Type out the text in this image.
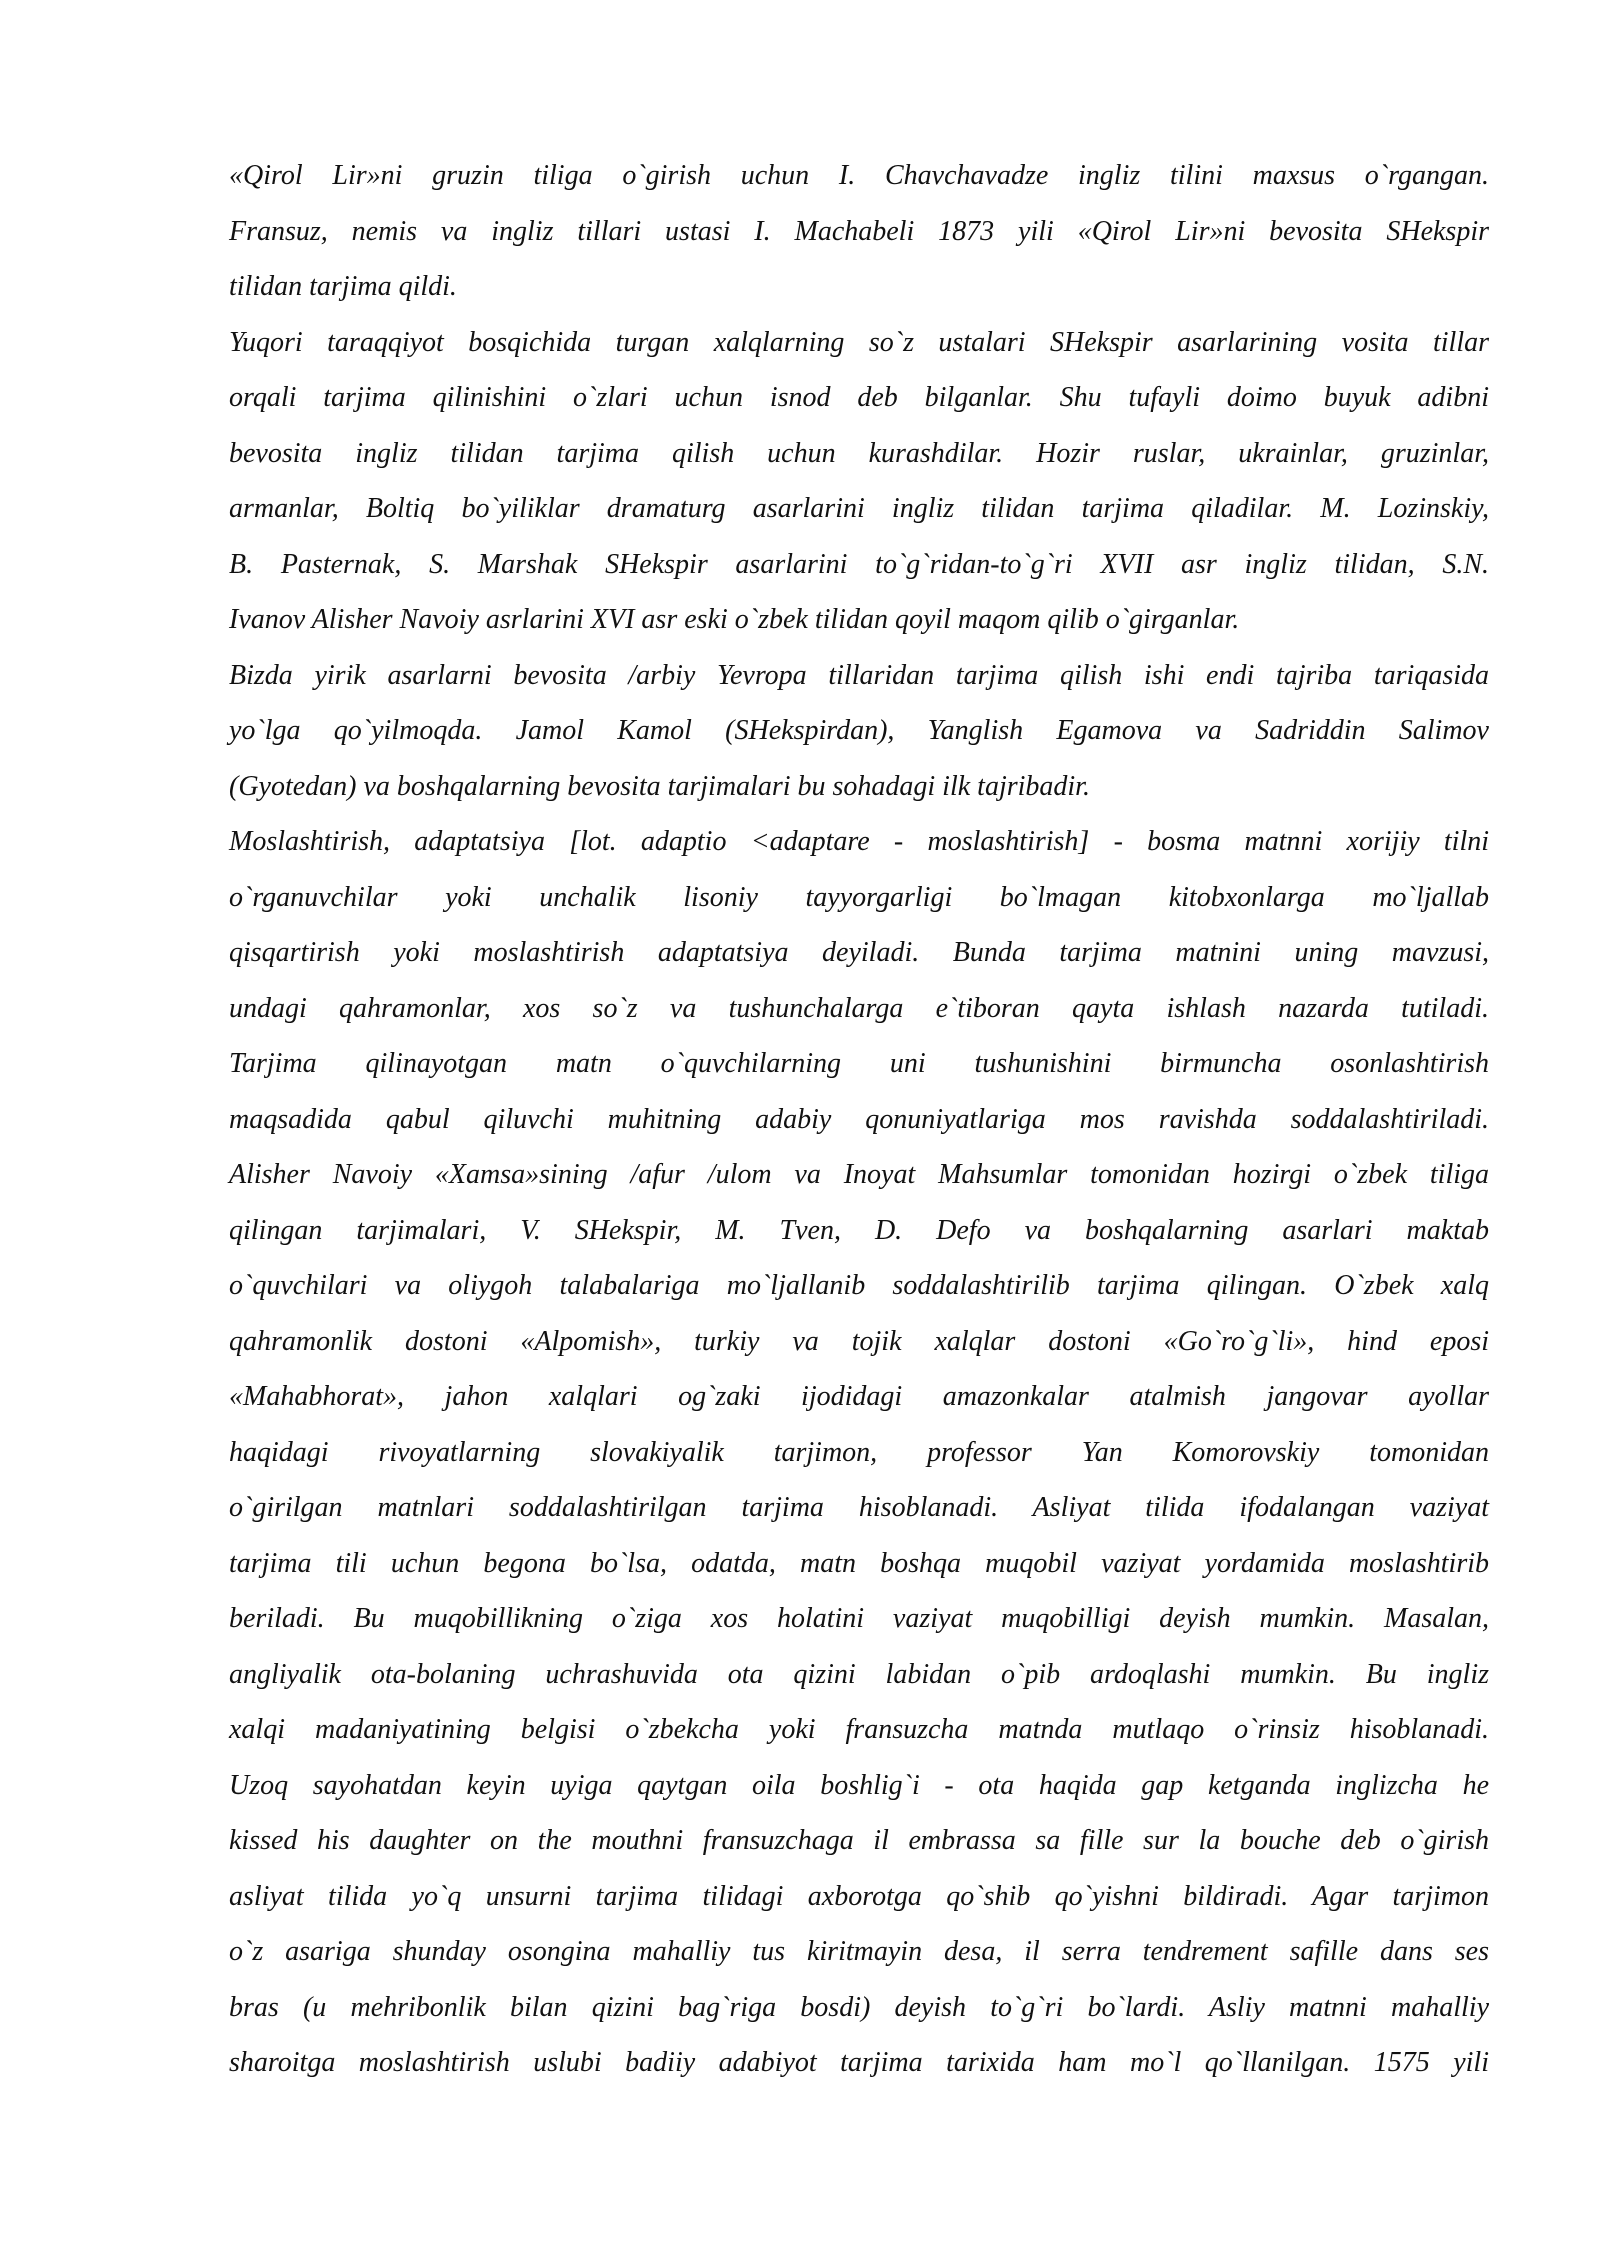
«Qirol Lir»ni gruzin tiliga o`girish uchun I. Chavchavadze ingliz tilini maxsus o`rgangan.
Fransuz, nemis va ingliz tillari ustasi I. Machabeli 1873 yili «Qirol Lir»ni bevosita SHekspir
tilidan tarjima qildi.
Yuqori taraqqiyot bosqichida turgan xalqlarning so`z ustalari SHekspir asarlarining vosita tillar
orqali tarjima qilinishini o`zlari uchun isnod deb bilganlar. Shu tufayli doimo buyuk adibni
bevosita ingliz tilidan tarjima qilish uchun kurashdilar. Hozir ruslar, ukrainlar, gruzinlar,
armanlar, Boltiq bo`yiliklar dramaturg asarlarini ingliz tilidan tarjima qiladilar. M. Lozinskiy,
B. Pasternak, S. Marshak SHekspir asarlarini to`g`ridan-to`g`ri XVII asr ingliz tilidan, S.N.
Ivanov Alisher Navoiy asrlarini XVI asr eski o`zbek tilidan qoyil maqom qilib o`girganlar.
Bizda yirik asarlarni bevosita /arbiy Yevropa tillaridan tarjima qilish ishi endi tajriba tariqasida
yo`lga qo`yilmoqda. Jamol Kamol (SHekspirdan), Yanglish Egamova va Sadriddin Salimov
(Gyotedan) va boshqalarning bevosita tarjimalari bu sohadagi ilk tajribadir.
Moslashtirish, adaptatsiya [lot. adaptio <adaptare - moslashtirish] - bosma matnni xorijiy tilni
o`rganuvchilar yoki unchalik lisoniy tayyorgarligi bo`lmagan kitobxonlarga mo`ljallab
qisqartirish yoki moslashtirish adaptatsiya deyiladi. Bunda tarjima matnini uning mavzusi,
undagi qahramonlar, xos so`z va tushunchalarga e`tiboran qayta ishlash nazarda tutiladi.
Tarjima qilinayotgan matn o`quvchilarning uni tushunishini birmuncha osonlashtirish
maqsadida qabul qiluvchi muhitning adabiy qonuniyatlariga mos ravishda soddalashtiriladi.
Alisher Navoiy «Xamsa»sining /afur /ulom va Inoyat Mahsumlar tomonidan hozirgi o`zbek tiliga
qilingan tarjimalari, V. SHekspir, M. Tven, D. Defo va boshqalarning asarlari maktab
o`quvchilari va oliygoh talabalariga mo`ljallanib soddalashtirilib tarjima qilingan. O`zbek xalq
qahramonlik dostoni «Alpomish», turkiy va tojik xalqlar dostoni «Go`ro`g`li», hind eposi
«Mahabhorat», jahon xalqlari og`zaki ijodidagi amazonkalar atalmish jangovar ayollar
haqidagi rivoyatlarning slovakiyalik tarjimon, professor Yan Komorovskiy tomonidan
o`girilgan matnlari soddalashtirilgan tarjima hisoblanadi. Asliyat tilida ifodalangan vaziyat
tarjima tili uchun begona bo`lsa, odatda, matn boshqa muqobil vaziyat yordamida moslashtirib
beriladi. Bu muqobillikning o`ziga xos holatini vaziyat muqobilligi deyish mumkin. Masalan,
angliyalik ota-bolaning uchrashuvida ota qizini labidan o`pib ardoqlashi mumkin. Bu ingliz
xalqi madaniyatining belgisi o`zbekcha yoki fransuzcha matnda mutlaqo o`rinsiz hisoblanadi.
Uzoq sayohatdan keyin uyiga qaytgan oila boshlig`i - ota haqida gap ketganda inglizcha he
kissed his daughter on the mouthni fransuzchaga il embrassa sa fille sur la bouche deb o`girish
asliyat tilida yo`q unsurni tarjima tilidagi axborotga qo`shib qo`yishni bildiradi. Agar tarjimon
o`z asariga shunday osongina mahalliy tus kiritmayin desa, il serra tendrement safille dans ses
bras (u mehribonlik bilan qizini bag`riga bosdi) deyish to`g`ri bo`lardi. Asliy matnni mahalliy
sharoitga moslashtirish uslubi badiiy adabiyot tarjima tarixida ham mo`l qo`llanilgan. 1575 yili
